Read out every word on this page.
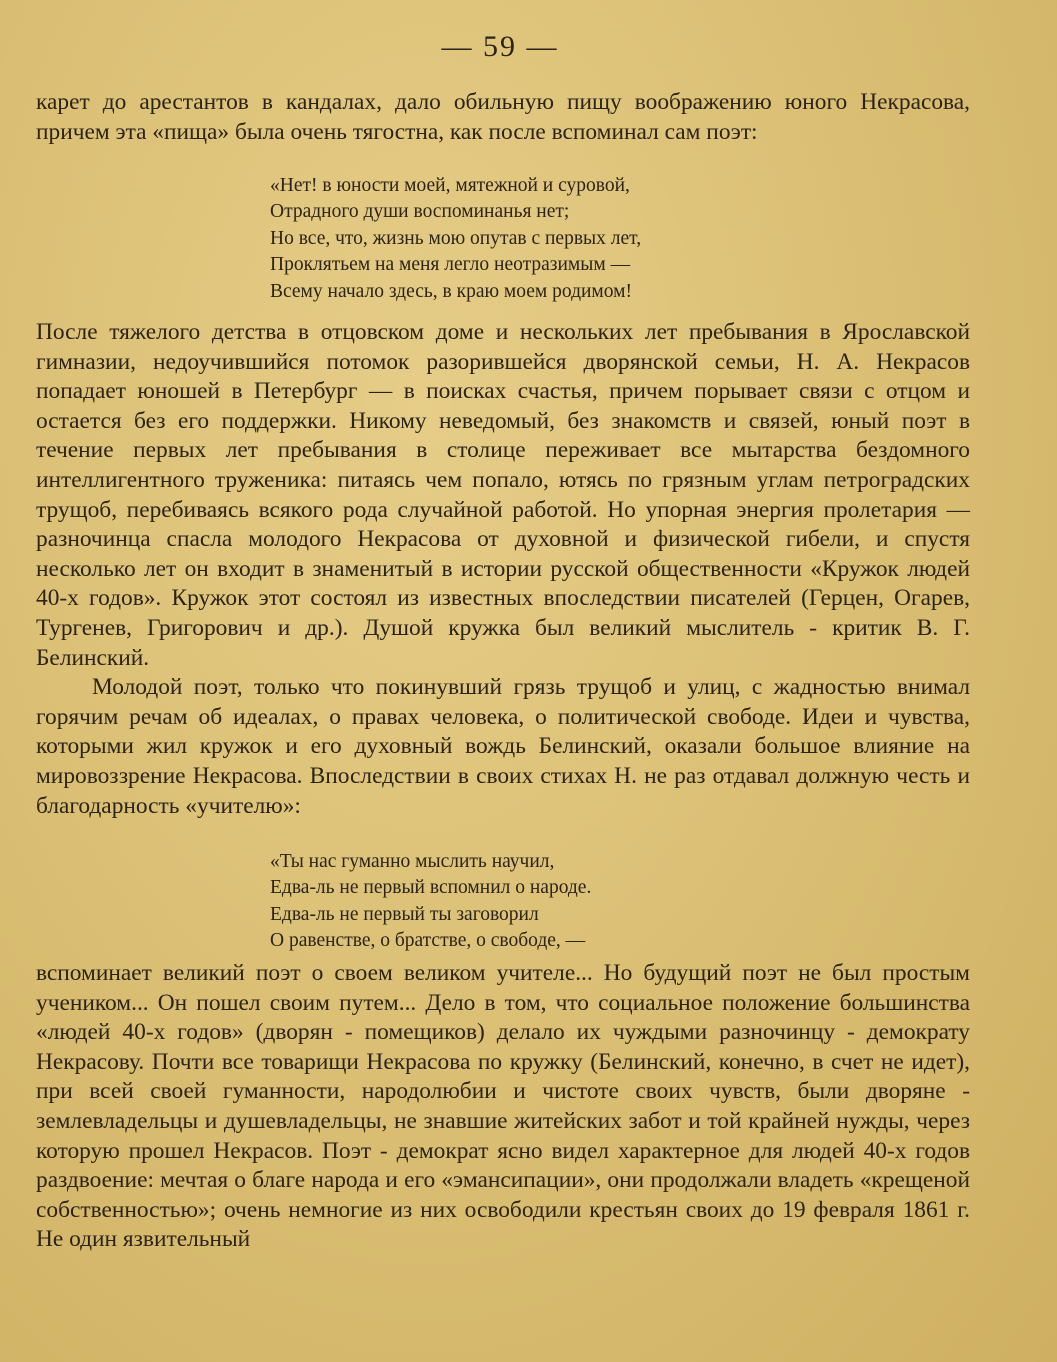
— 59 —

карет до арестантов в кандалах, дало обильную пищу воображению юного Некрасова, причем эта «пища» была очень тягостна, как после вспоминал сам поэт:

«Нет! в юности моей, мятежной и суровой,
Отрадного души воспоминанья нет;
Но все, что, жизнь мою опутав с первых лет,
Проклятьем на меня легло неотразимым —
Всему начало здесь, в краю моем родимом!

После тяжелого детства в отцовском доме и нескольких лет пребывания в Ярославской гимназии, недоучившийся потомок разорившейся дворянской семьи, Н. А. Некрасов попадает юношей в Петербург — в поисках счастья, причем порывает связи с отцом и остается без его поддержки. Никому неведомый, без знакомств и связей, юный поэт в течение первых лет пребывания в столице переживает все мытарства бездомного интеллигентного труженика: питаясь чем попало, ютясь по грязным углам петроградских трущоб, перебиваясь всякого рода случайной работой. Но упорная энергия пролетария — разночинца спасла молодого Некрасова от духовной и физической гибели, и спустя несколько лет он входит в знаменитый в истории русской общественности «Кружок людей 40-х годов». Кружок этот состоял из известных впоследствии писателей (Герцен, Огарев, Тургенев, Григорович и др.). Душой кружка был великий мыслитель - критик В. Г. Белинский.

Молодой поэт, только что покинувший грязь трущоб и улиц, с жадностью внимал горячим речам об идеалах, о правах человека, о политической свободе. Идеи и чувства, которыми жил кружок и его духовный вождь Белинский, оказали большое влияние на мировоззрение Некрасова. Впоследствии в своих стихах Н. не раз отдавал должную честь и благодарность «учителю»:

«Ты нас гуманно мыслить научил,
Едва-ль не первый вспомнил о народе.
Едва-ль не первый ты заговорил
О равенстве, о братстве, о свободе, —

вспоминает великий поэт о своем великом учителе... Но будущий поэт не был простым учеником... Он пошел своим путем... Дело в том, что социальное положение большинства «людей 40-х годов» (дворян - помещиков) делало их чуждыми разночинцу - демократу Некрасову. Почти все товарищи Некрасова по кружку (Белинский, конечно, в счет не идет), при всей своей гуманности, народолюбии и чистоте своих чувств, были дворяне - землевладельцы и душевладельцы, не знавшие житейских забот и той крайней нужды, через которую прошел Некрасов. Поэт - демократ ясно видел характерное для людей 40-х годов раздвоение: мечтая о благе народа и его «эмансипации», они продолжали владеть «крещеной собственностью»; очень немногие из них освободили крестьян своих до 19 февраля 1861 г. Не один язвительный
